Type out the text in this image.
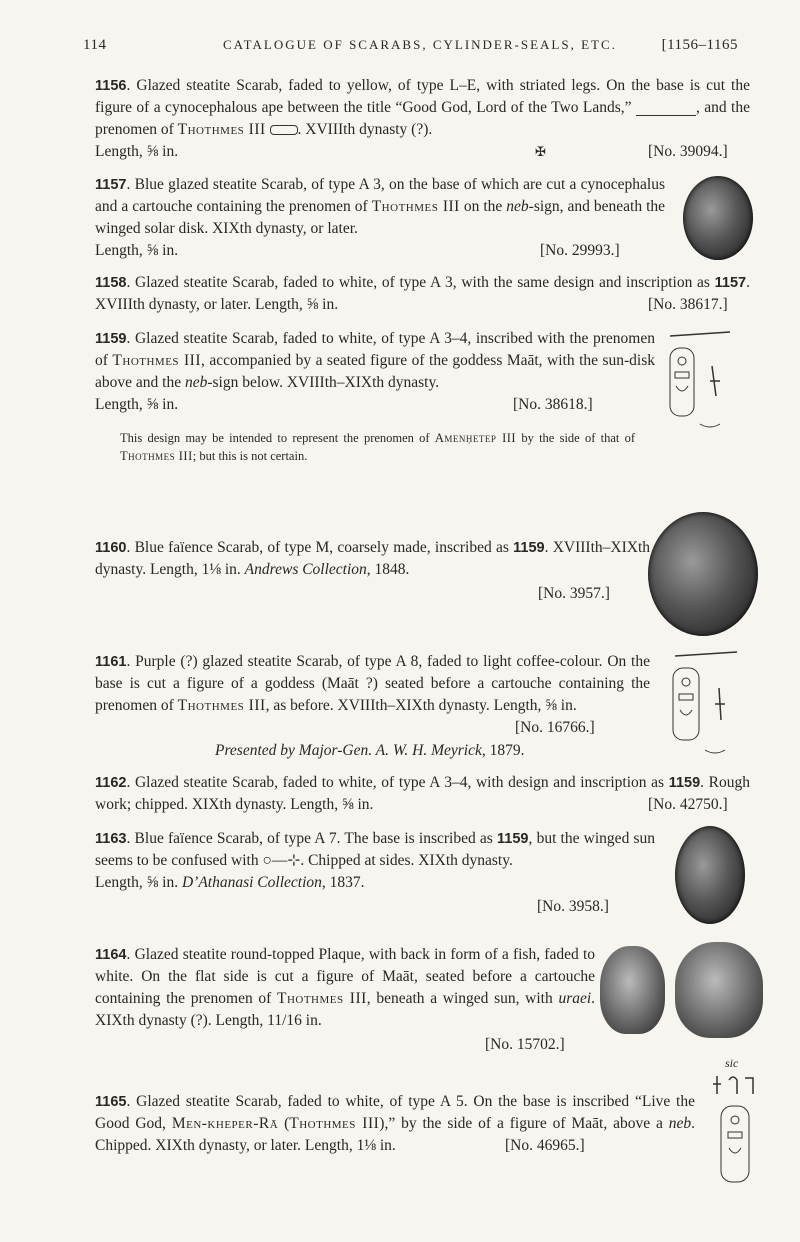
114	CATALOGUE OF SCARABS, CYLINDER-SEALS, ETC.	[1156–1165
1156. Glazed steatite Scarab, faded to yellow, of type L–E, with striated legs. On the base is cut the figure of a cynocephalous ape between the title “Good God, Lord of the Two Lands,”	, and the prenomen of Thothmes III . XVIIIth dynasty (?).
Length, ⅝ in.	✠	[No. 39094.]
1157. Blue glazed steatite Scarab, of type A 3, on the base of which are cut a cynocephalus and a cartouche containing the prenomen of Thothmes III on the neb-sign, and beneath the winged solar disk. XIXth dynasty, or later.
Length, ⅝ in.	[No. 29993.]
1158. Glazed steatite Scarab, faded to white, of type A 3, with the same design and inscription as 1157. XVIIIth dynasty, or later. Length, ⅝ in.	[No. 38617.]
1159. Glazed steatite Scarab, faded to white, of type A 3–4, inscribed with the prenomen of Thothmes III, accompanied by a seated figure of the goddess Maāt, with the sun-disk above and the neb-sign below. XVIIIth–XIXth dynasty.
Length, ⅝ in.	[No. 38618.]
This design may be intended to represent the prenomen of Amenḥetep III by the side of that of Thothmes III; but this is not certain.
1160. Blue faïence Scarab, of type M, coarsely made, inscribed as 1159. XVIIIth–XIXth dynasty. Length, 1⅛ in. Andrews Collection, 1848.
[No. 3957.]
1161. Purple (?) glazed steatite Scarab, of type A 8, faded to light coffee-colour. On the base is cut a figure of a goddess (Maāt ?) seated before a cartouche containing the prenomen of Thothmes III, as before. XVIIIth–XIXth dynasty. Length, ⅝ in.
[No. 16766.]
Presented by Major-Gen. A. W. H. Meyrick, 1879.
1162. Glazed steatite Scarab, faded to white, of type A 3–4, with design and inscription as 1159. Rough work; chipped. XIXth dynasty. Length, ⅝ in.	[No. 42750.]
1163. Blue faïence Scarab, of type A 7. The base is inscribed as 1159, but the winged sun seems to be confused with ○—⊹. Chipped at sides. XIXth dynasty.
Length, ⅝ in. D’Athanasi Collection, 1837.
[No. 3958.]
1164. Glazed steatite round-topped Plaque, with back in form of a fish, faded to white. On the flat side is cut a figure of Maāt, seated before a cartouche containing the prenomen of Thothmes III, beneath a winged sun, with uraei. XIXth dynasty (?). Length, 11/16 in.
[No. 15702.]
sic
1165. Glazed steatite Scarab, faded to white, of type A 5. On the base is inscribed “Live the Good God, Men-kheper-Rā (Thothmes III),” by the side of a figure of Maāt, above a neb. Chipped. XIXth dynasty, or later. Length, 1⅛ in.	[No. 46965.]
